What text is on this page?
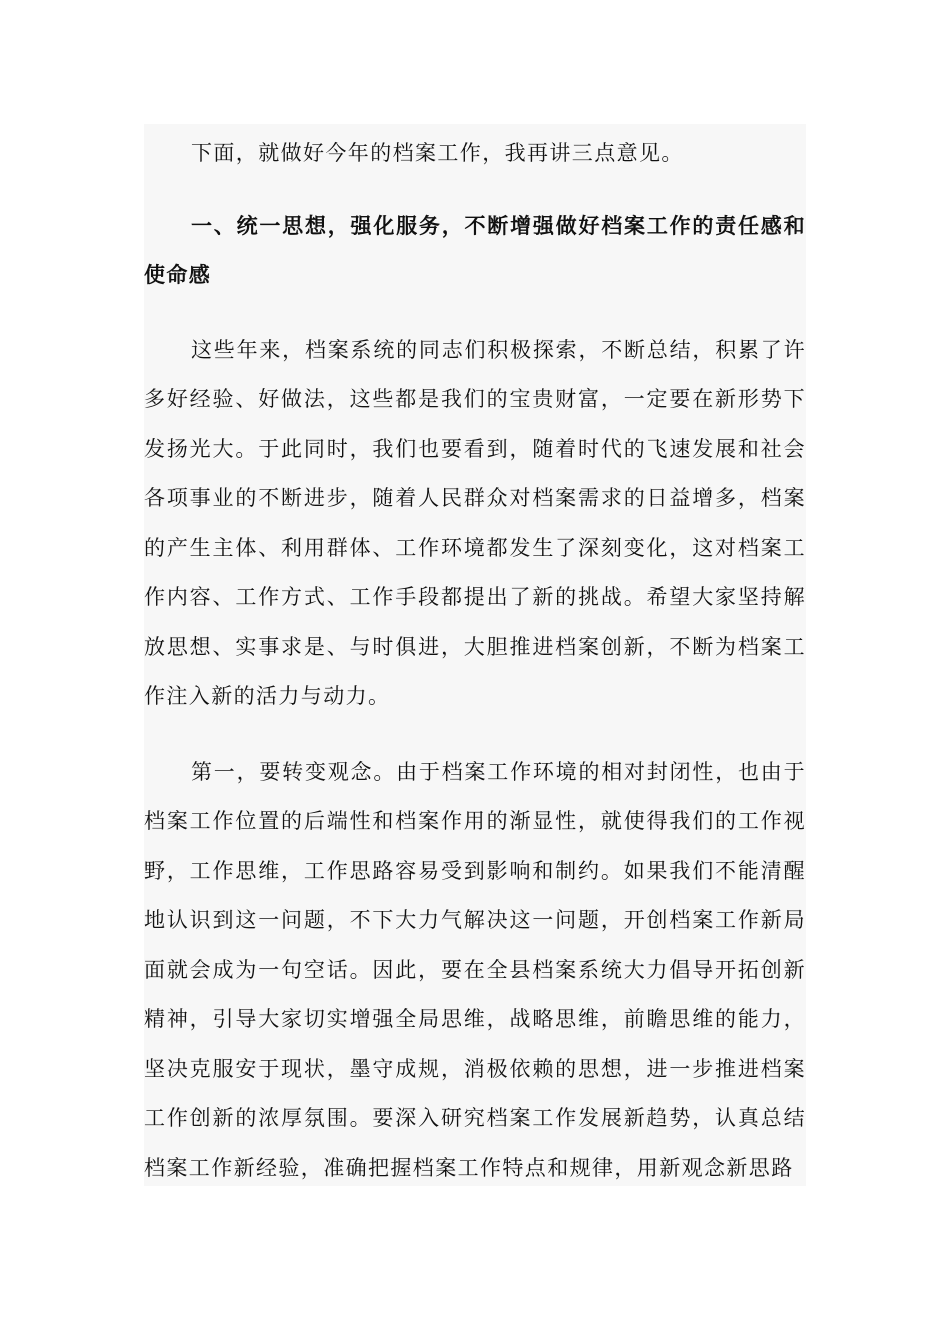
下面，就做好今年的档案工作，我再讲三点意见。

一、统一思想，强化服务，不断增强做好档案工作的责任感和使命感

这些年来，档案系统的同志们积极探索，不断总结，积累了许多好经验、好做法，这些都是我们的宝贵财富，一定要在新形势下发扬光大。于此同时，我们也要看到，随着时代的飞速发展和社会各项事业的不断进步，随着人民群众对档案需求的日益增多，档案的产生主体、利用群体、工作环境都发生了深刻变化，这对档案工作内容、工作方式、工作手段都提出了新的挑战。希望大家坚持解放思想、实事求是、与时俱进，大胆推进档案创新，不断为档案工作注入新的活力与动力。

第一，要转变观念。由于档案工作环境的相对封闭性，也由于档案工作位置的后端性和档案作用的渐显性，就使得我们的工作视野，工作思维，工作思路容易受到影响和制约。如果我们不能清醒地认识到这一问题，不下大力气解决这一问题，开创档案工作新局面就会成为一句空话。因此，要在全县档案系统大力倡导开拓创新精神，引导大家切实增强全局思维，战略思维，前瞻思维的能力，坚决克服安于现状，墨守成规，消极依赖的思想，进一步推进档案工作创新的浓厚氛围。要深入研究档案工作发展新趋势，认真总结档案工作新经验，准确把握档案工作特点和规律，用新观念新思路
